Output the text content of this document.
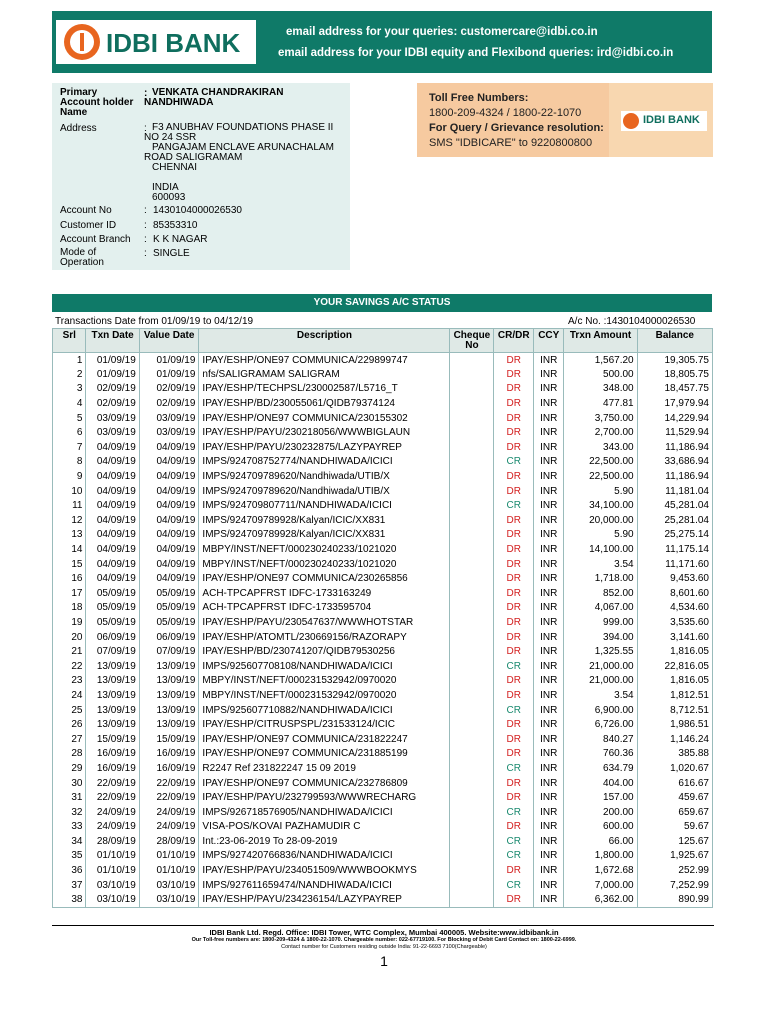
IDBI BANK	email address for your queries: customercare@idbi.co.in
email address for your IDBI equity and Flexibond queries: ird@idbi.co.in
Primary Account holder Name
: VENKATA CHANDRAKIRAN NANDHIWADA
Address	: F3 ANUBHAV FOUNDATIONS PHASE II NO 24 SSR
PANGAJAM ENCLAVE ARUNACHALAM
ROAD SALIGRAMAM
CHENNAI
INDIA
600093
Account No	: 1430104000026530
Customer ID	: 85353310
Account Branch : K K NAGAR
Mode of Operation
: SINGLE
Toll Free Numbers:
1800-209-4324 / 1800-22-1070
For Query / Grievance resolution:
SMS "IDBICARE" to 9220800800
IDBI BANK
YOUR SAVINGS A/C STATUS
Transactions Date from 01/09/19 to 04/12/19	A/c No. :1430104000026530
Srl	Txn Date	Value Date	Description	Cheque No	CR/DR	CCY	Trxn Amount	Balance
1	01/09/19	01/09/19	IPAY/ESHP/ONE97 COMMUNICA/229899747		DR	INR	1,567.20	19,305.75
2	01/09/19	01/09/19	nfs/SALIGRAMAM SALIGRAM		DR	INR	500.00	18,805.75
3	02/09/19	02/09/19	IPAY/ESHP/TECHPSL/230002587/L5716_T		DR	INR	348.00	18,457.75
4	02/09/19	02/09/19	IPAY/ESHP/BD/230055061/QIDB79374124		DR	INR	477.81	17,979.94
5	03/09/19	03/09/19	IPAY/ESHP/ONE97 COMMUNICA/230155302		DR	INR	3,750.00	14,229.94
6	03/09/19	03/09/19	IPAY/ESHP/PAYU/230218056/WWWBIGLAUN		DR	INR	2,700.00	11,529.94
7	04/09/19	04/09/19	IPAY/ESHP/PAYU/230232875/LAZYPAYREP		DR	INR	343.00	11,186.94
8	04/09/19	04/09/19	IMPS/924708752774/NANDHIWADA/ICICI		CR	INR	22,500.00	33,686.94
9	04/09/19	04/09/19	IMPS/924709789620/Nandhiwada/UTIB/X		DR	INR	22,500.00	11,186.94
10	04/09/19	04/09/19	IMPS/924709789620/Nandhiwada/UTIB/X		DR	INR	5.90	11,181.04
11	04/09/19	04/09/19	IMPS/924709807711/NANDHIWADA/ICICI		CR	INR	34,100.00	45,281.04
12	04/09/19	04/09/19	IMPS/924709789928/Kalyan/ICIC/XX831		DR	INR	20,000.00	25,281.04
13	04/09/19	04/09/19	IMPS/924709789928/Kalyan/ICIC/XX831		DR	INR	5.90	25,275.14
14	04/09/19	04/09/19	MBPY/INST/NEFT/000230240233/1021020		DR	INR	14,100.00	11,175.14
15	04/09/19	04/09/19	MBPY/INST/NEFT/000230240233/1021020		DR	INR	3.54	11,171.60
16	04/09/19	04/09/19	IPAY/ESHP/ONE97 COMMUNICA/230265856		DR	INR	1,718.00	9,453.60
17	05/09/19	05/09/19	ACH-TPCAPFRST IDFC-1733163249		DR	INR	852.00	8,601.60
18	05/09/19	05/09/19	ACH-TPCAPFRST IDFC-1733595704		DR	INR	4,067.00	4,534.60
19	05/09/19	05/09/19	IPAY/ESHP/PAYU/230547637/WWWHOTSTAR		DR	INR	999.00	3,535.60
20	06/09/19	06/09/19	IPAY/ESHP/ATOMTL/230669156/RAZORAPY		DR	INR	394.00	3,141.60
21	07/09/19	07/09/19	IPAY/ESHP/BD/230741207/QIDB79530256		DR	INR	1,325.55	1,816.05
22	13/09/19	13/09/19	IMPS/925607708108/NANDHIWADA/ICICI		CR	INR	21,000.00	22,816.05
23	13/09/19	13/09/19	MBPY/INST/NEFT/000231532942/0970020		DR	INR	21,000.00	1,816.05
24	13/09/19	13/09/19	MBPY/INST/NEFT/000231532942/0970020		DR	INR	3.54	1,812.51
25	13/09/19	13/09/19	IMPS/925607710882/NANDHIWADA/ICICI		CR	INR	6,900.00	8,712.51
26	13/09/19	13/09/19	IPAY/ESHP/CITRUSPSPL/231533124/ICIC		DR	INR	6,726.00	1,986.51
27	15/09/19	15/09/19	IPAY/ESHP/ONE97 COMMUNICA/231822247		DR	INR	840.27	1,146.24
28	16/09/19	16/09/19	IPAY/ESHP/ONE97 COMMUNICA/231885199		DR	INR	760.36	385.88
29	16/09/19	16/09/19	R2247 Ref 231822247 15 09 2019		CR	INR	634.79	1,020.67
30	22/09/19	22/09/19	IPAY/ESHP/ONE97 COMMUNICA/232786809		DR	INR	404.00	616.67
31	22/09/19	22/09/19	IPAY/ESHP/PAYU/232799593/WWWRECHARG		DR	INR	157.00	459.67
32	24/09/19	24/09/19	IMPS/926718576905/NANDHIWADA/ICICI		CR	INR	200.00	659.67
33	24/09/19	24/09/19	VISA-POS/KOVAI PAZHAMUDIR C		DR	INR	600.00	59.67
34	28/09/19	28/09/19	Int.:23-06-2019 To 28-09-2019		CR	INR	66.00	125.67
35	01/10/19	01/10/19	IMPS/927420766836/NANDHIWADA/ICICI		CR	INR	1,800.00	1,925.67
36	01/10/19	01/10/19	IPAY/ESHP/PAYU/234051509/WWWBOOKMYS		DR	INR	1,672.68	252.99
37	03/10/19	03/10/19	IMPS/927611659474/NANDHIWADA/ICICI		CR	INR	7,000.00	7,252.99
38	03/10/19	03/10/19	IPAY/ESHP/PAYU/234236154/LAZYPAYREP		DR	INR	6,362.00	890.99
IDBI Bank Ltd. Regd. Office: IDBI Tower, WTC Complex, Mumbai 400005. Website:www.idbibank.in
Our Toll-free numbers are: 1800-209-4324 & 1800-22-1070. Chargeable number: 022-67719100. For Blocking of Debit Card Contact on: 1800-22-6999.
Contact number for Customers residing outside India: 91-22-6693 7100(Chargeable)
1
